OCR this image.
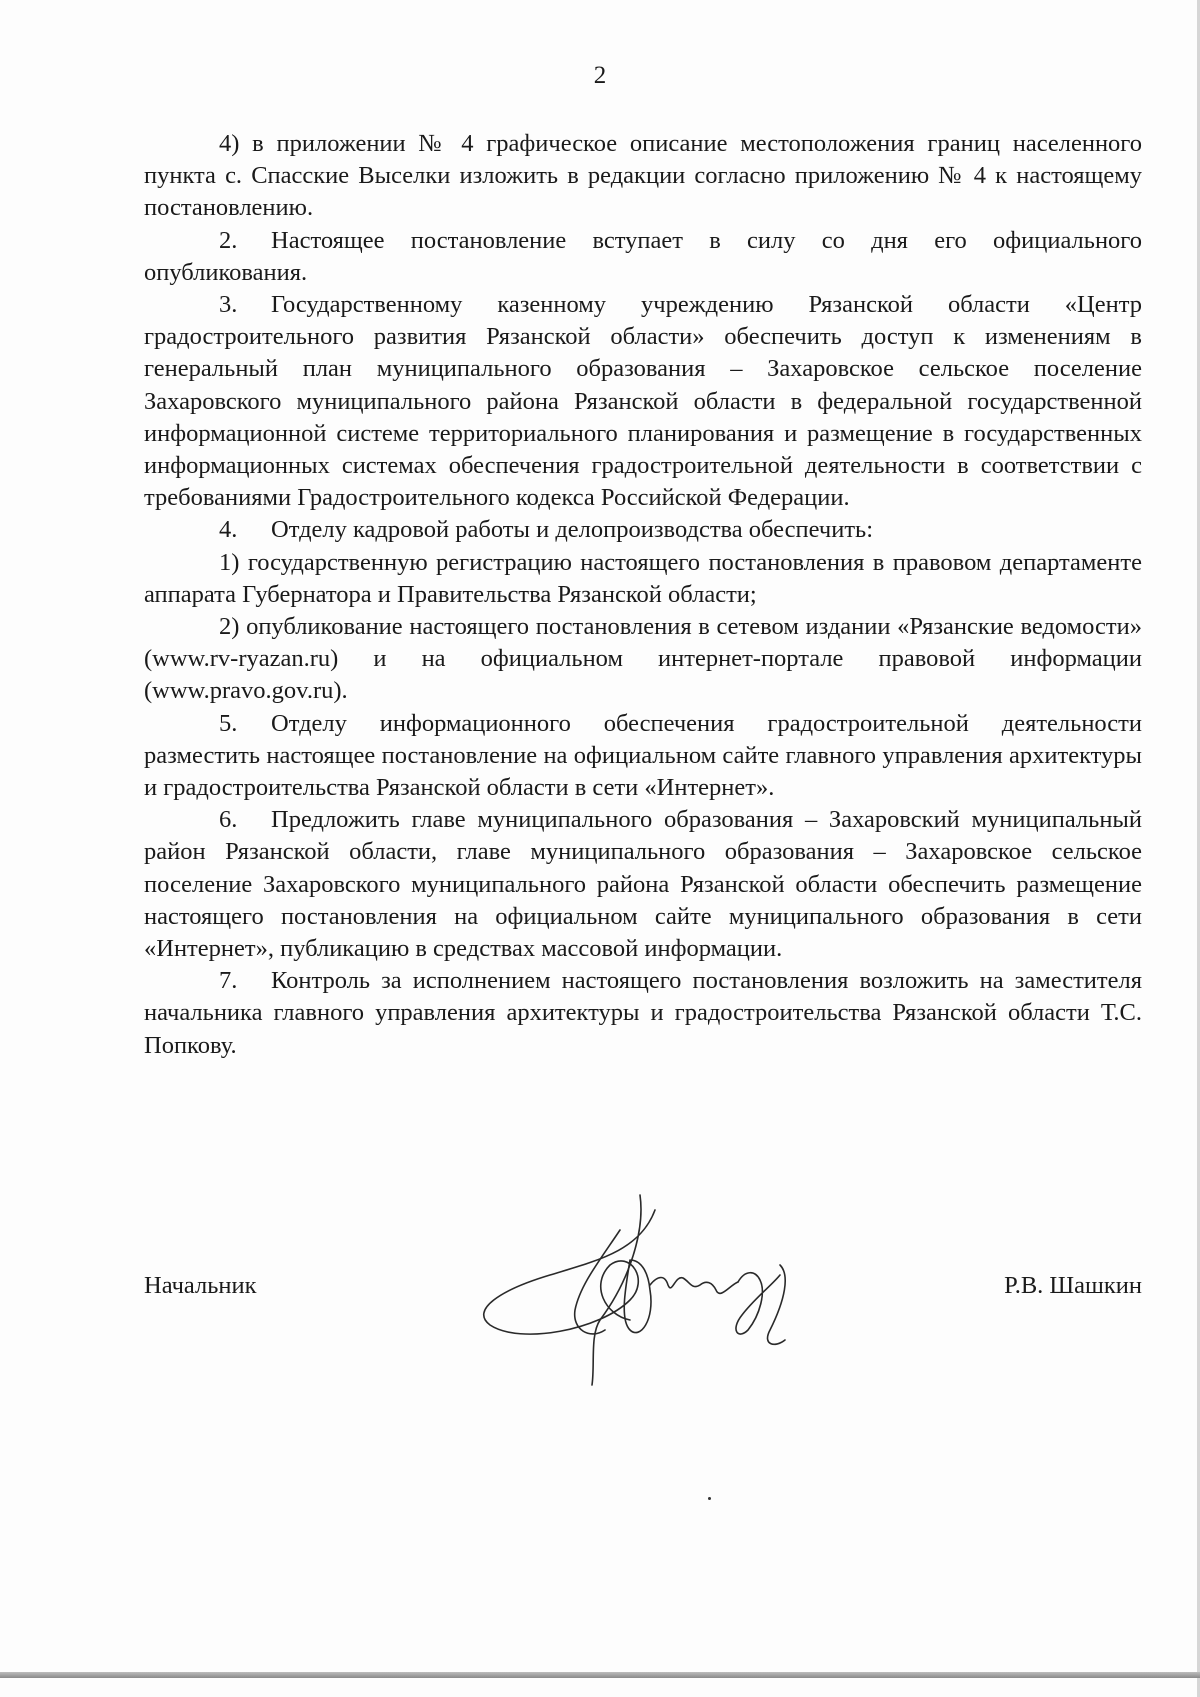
2

4) в приложении № 4 графическое описание местоположения границ населенного пункта с. Спасские Выселки изложить в редакции согласно приложению № 4 к настоящему постановлению.

2. Настоящее постановление вступает в силу со дня его официального опубликования.

3. Государственному казенному учреждению Рязанской области «Центр градостроительного развития Рязанской области» обеспечить доступ к изменениям в генеральный план муниципального образования – Захаровское сельское поселение Захаровского муниципального района Рязанской области в федеральной государственной информационной системе территориального планирования и размещение в государственных информационных системах обеспечения градостроительной деятельности в соответствии с требованиями Градостроительного кодекса Российской Федерации.

4. Отделу кадровой работы и делопроизводства обеспечить:

1) государственную регистрацию настоящего постановления в правовом департаменте аппарата Губернатора и Правительства Рязанской области;

2) опубликование настоящего постановления в сетевом издании «Рязанские ведомости» (www.rv-ryazan.ru) и на официальном интернет-портале правовой информации (www.pravo.gov.ru).

5. Отделу информационного обеспечения градостроительной деятельности разместить настоящее постановление на официальном сайте главного управления архитектуры и градостроительства Рязанской области в сети «Интернет».

6. Предложить главе муниципального образования – Захаровский муниципальный район Рязанской области, главе муниципального образования – Захаровское сельское поселение Захаровского муниципального района Рязанской области обеспечить размещение настоящего постановления на официальном сайте муниципального образования в сети «Интернет», публикацию в средствах массовой информации.

7. Контроль за исполнением настоящего постановления возложить на заместителя начальника главного управления архитектуры и градостроительства Рязанской области Т.С. Попкову.

Начальник	Р.В. Шашкин
